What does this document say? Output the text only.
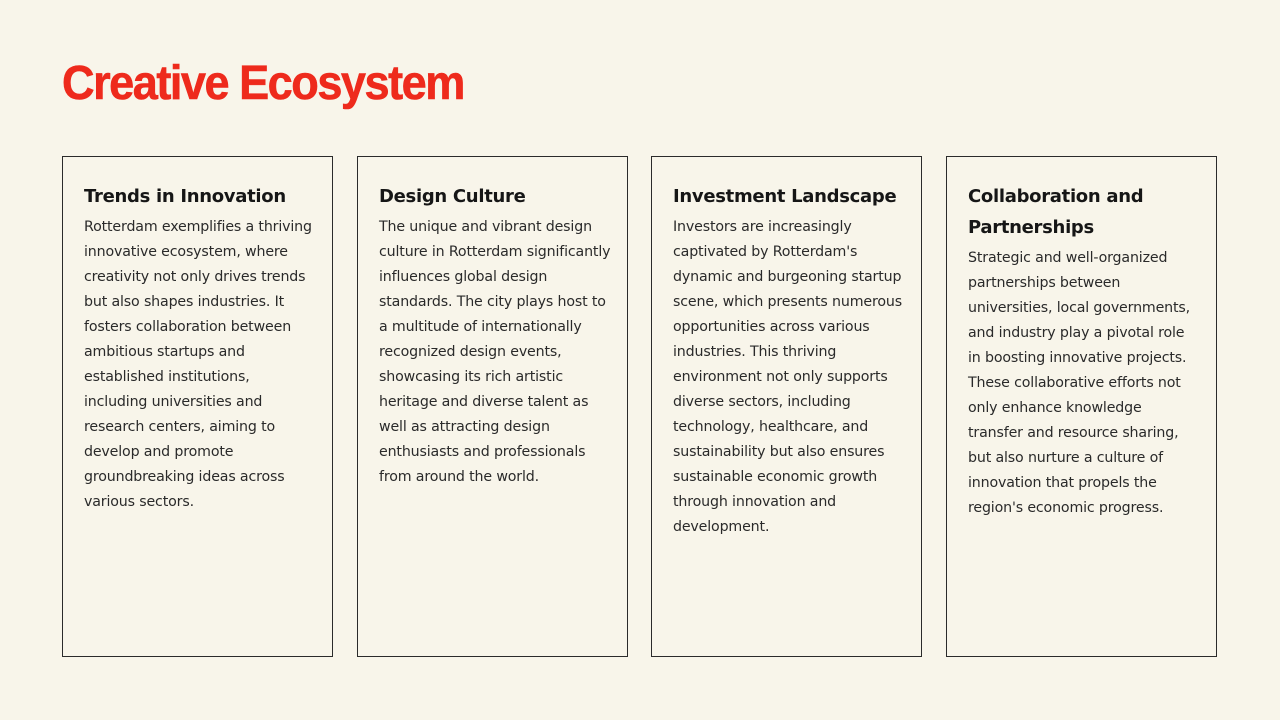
Creative Ecosystem
Trends in Innovation

Rotterdam exemplifies a thriving innovative ecosystem, where creativity not only drives trends but also shapes industries. It fosters collaboration between ambitious startups and established institutions, including universities and research centers, aiming to develop and promote groundbreaking ideas across various sectors.

Design Culture

The unique and vibrant design culture in Rotterdam significantly influences global design standards. The city plays host to a multitude of internationally recognized design events, showcasing its rich artistic heritage and diverse talent as well as attracting design enthusiasts and professionals from around the world.

Investment Landscape

Investors are increasingly captivated by Rotterdam's dynamic and burgeoning startup scene, which presents numerous opportunities across various industries. This thriving environment not only supports diverse sectors, including technology, healthcare, and sustainability but also ensures sustainable economic growth through innovation and development.

Collaboration and Partnerships

Strategic and well-organized partnerships between universities, local governments, and industry play a pivotal role in boosting innovative projects. These collaborative efforts not only enhance knowledge transfer and resource sharing, but also nurture a culture of innovation that propels the region's economic progress.
